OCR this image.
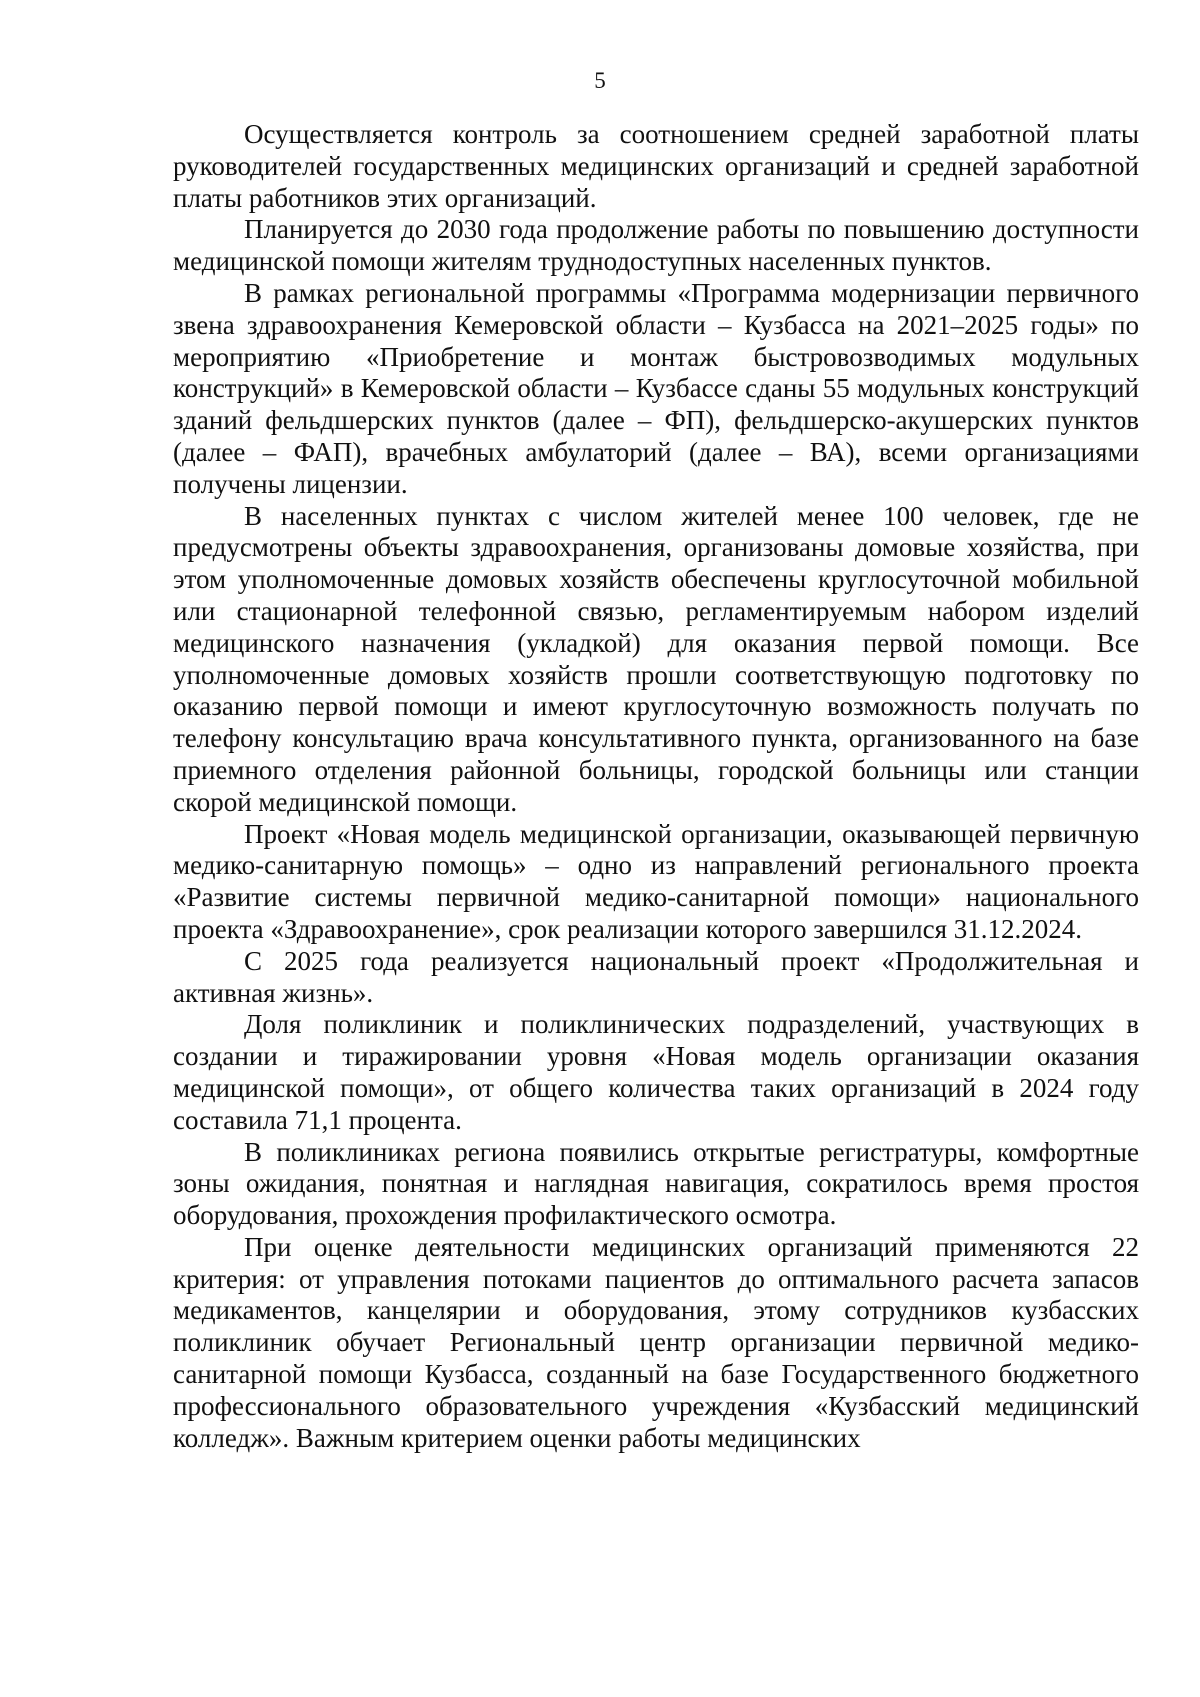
5

Осуществляется контроль за соотношением средней заработной платы руководителей государственных медицинских организаций и средней заработной платы работников этих организаций.

Планируется до 2030 года продолжение работы по повышению доступности медицинской помощи жителям труднодоступных населенных пунктов.

В рамках региональной программы «Программа модернизации первичного звена здравоохранения Кемеровской области – Кузбасса на 2021–2025 годы» по мероприятию «Приобретение и монтаж быстровозводимых модульных конструкций» в Кемеровской области – Кузбассе сданы 55 модульных конструкций зданий фельдшерских пунктов (далее – ФП), фельдшерско-акушерских пунктов (далее – ФАП), врачебных амбулаторий (далее – ВА), всеми организациями получены лицензии.

В населенных пунктах с числом жителей менее 100 человек, где не предусмотрены объекты здравоохранения, организованы домовые хозяйства, при этом уполномоченные домовых хозяйств обеспечены круглосуточной мобильной или стационарной телефонной связью, регламентируемым набором изделий медицинского назначения (укладкой) для оказания первой помощи. Все уполномоченные домовых хозяйств прошли соответствующую подготовку по оказанию первой помощи и имеют круглосуточную возможность получать по телефону консультацию врача консультативного пункта, организованного на базе приемного отделения районной больницы, городской больницы или станции скорой медицинской помощи.

Проект «Новая модель медицинской организации, оказывающей первичную медико-санитарную помощь» – одно из направлений регионального проекта «Развитие системы первичной медико-санитарной помощи» национального проекта «Здравоохранение», срок реализации которого завершился 31.12.2024.

С 2025 года реализуется национальный проект «Продолжительная и активная жизнь».

Доля поликлиник и поликлинических подразделений, участвующих в создании и тиражировании уровня «Новая модель организации оказания медицинской помощи», от общего количества таких организаций в 2024 году составила 71,1 процента.

В поликлиниках региона появились открытые регистратуры, комфортные зоны ожидания, понятная и наглядная навигация, сократилось время простоя оборудования, прохождения профилактического осмотра.

При оценке деятельности медицинских организаций применяются 22 критерия: от управления потоками пациентов до оптимального расчета запасов медикаментов, канцелярии и оборудования, этому сотрудников кузбасских поликлиник обучает Региональный центр организации первичной медико-санитарной помощи Кузбасса, созданный на базе Государственного бюджетного профессионального образовательного учреждения «Кузбасский медицинский колледж». Важным критерием оценки работы медицинских
